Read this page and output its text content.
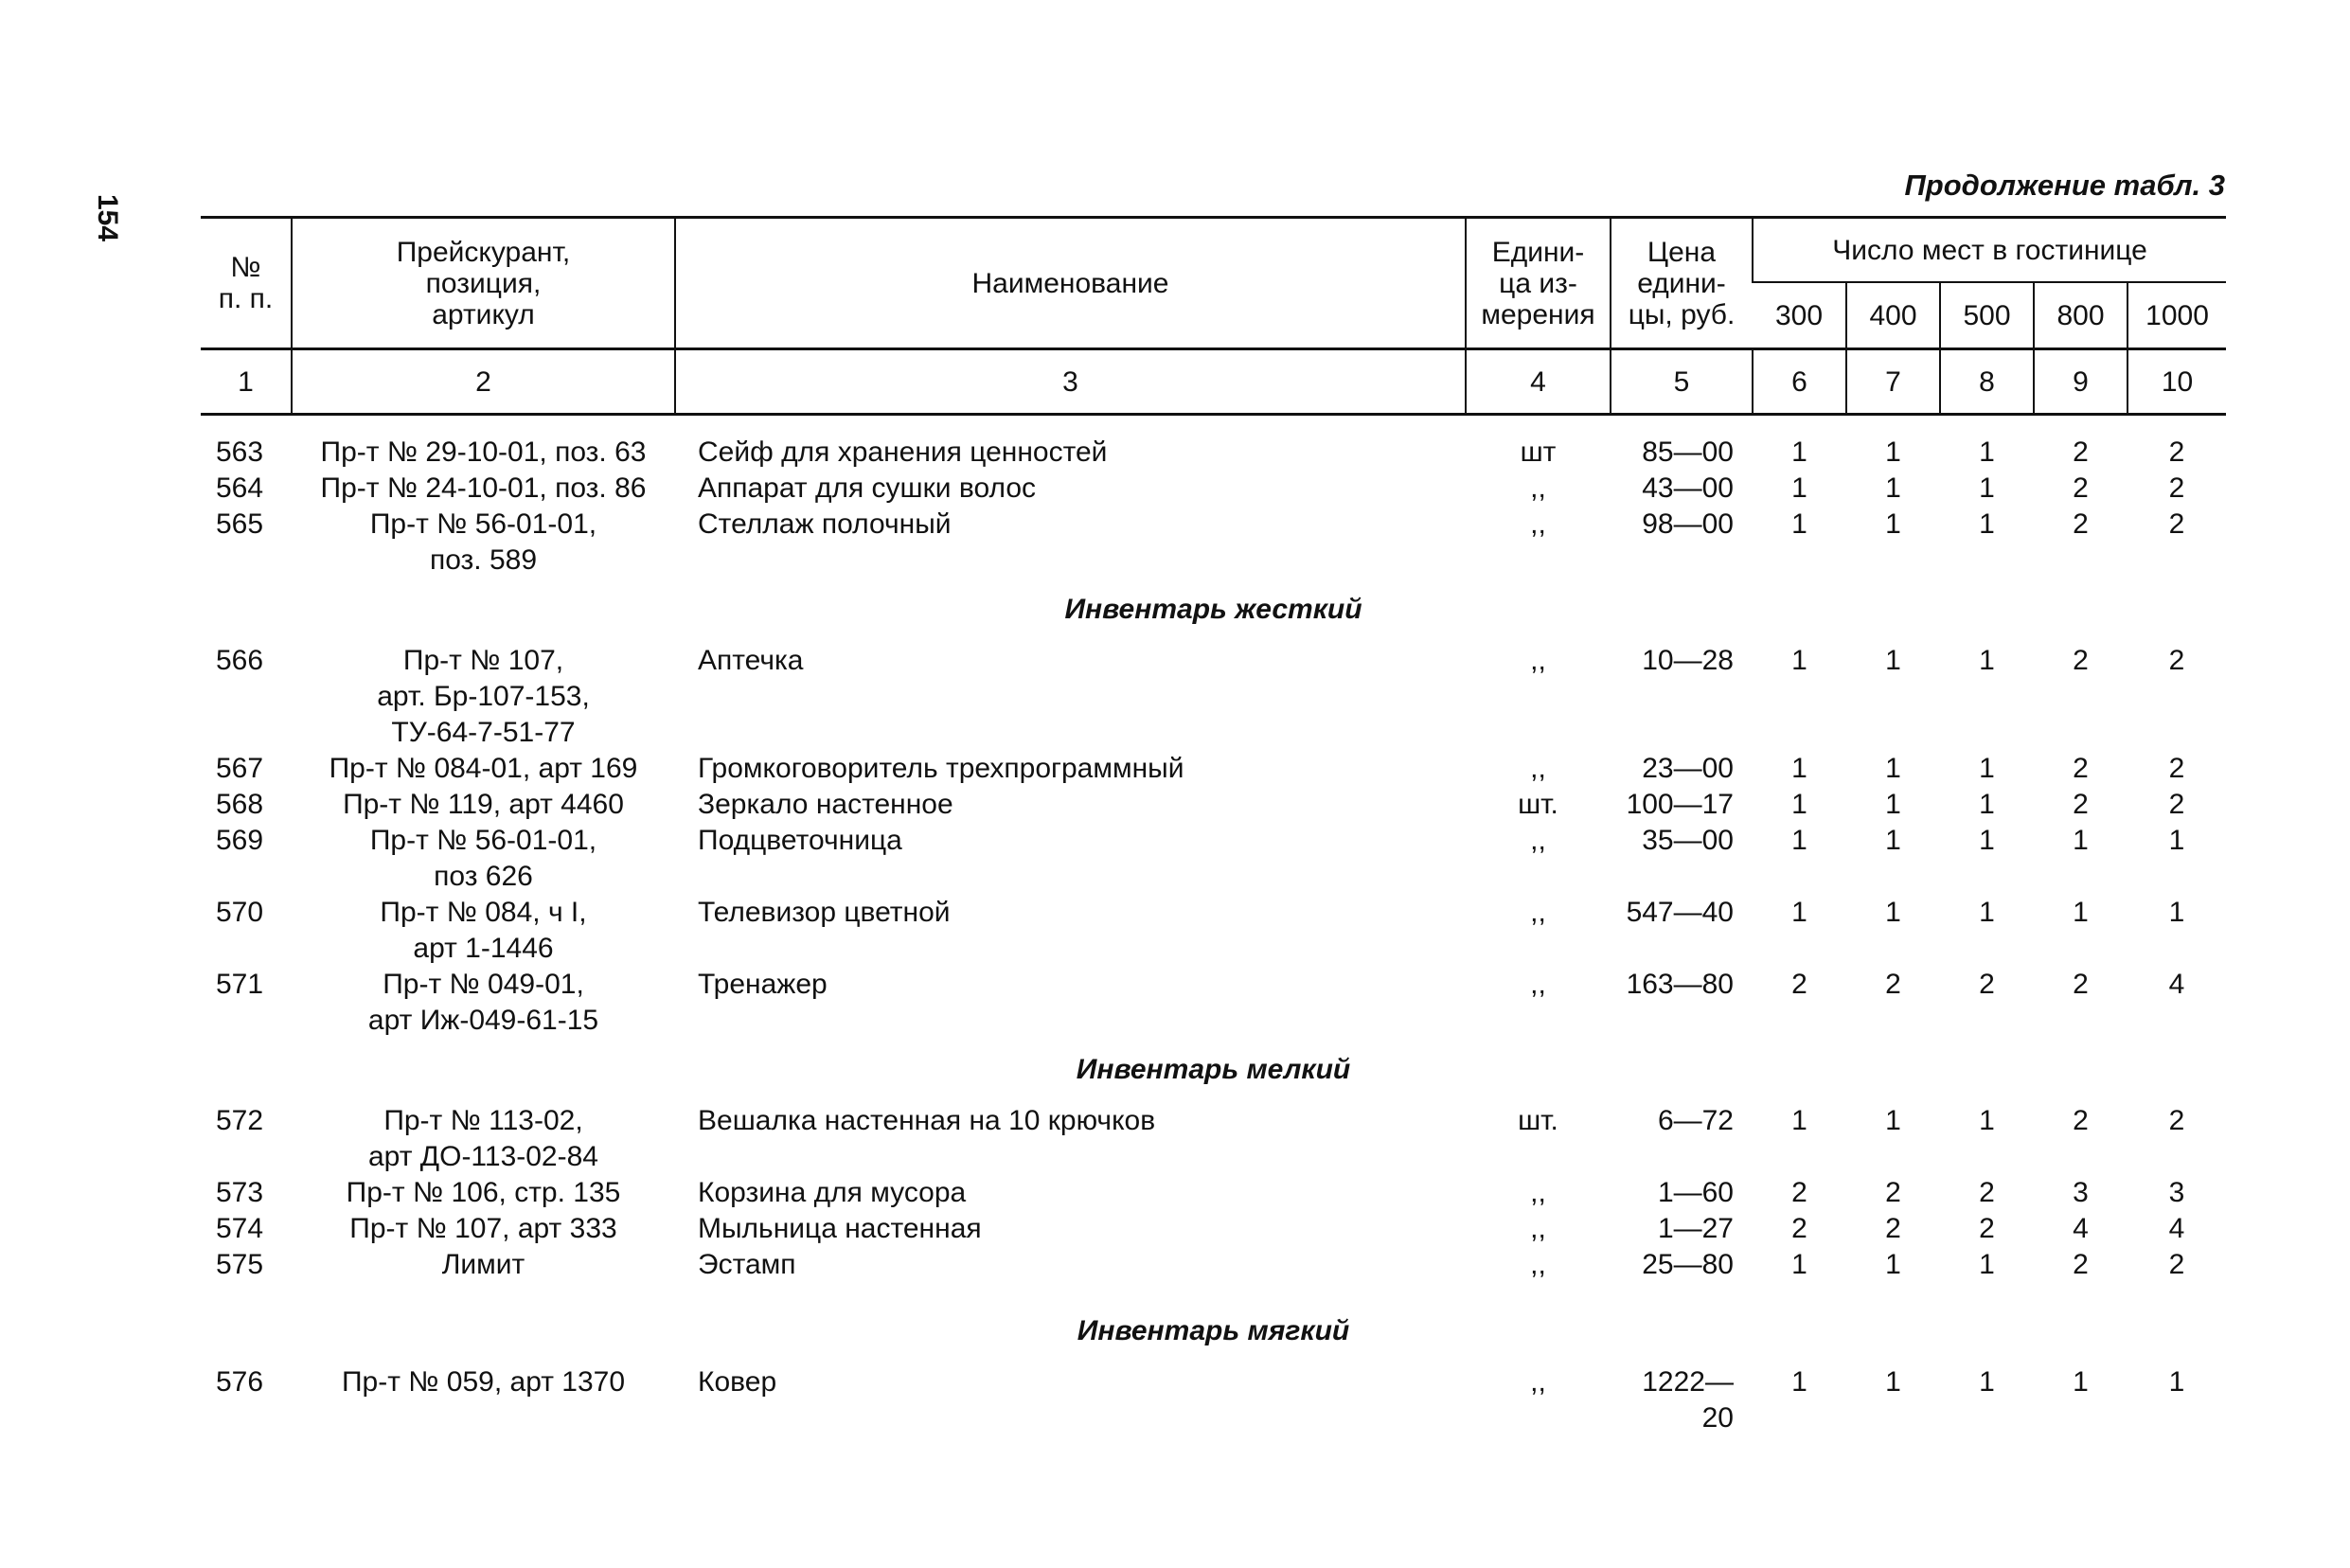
154
Продолжение табл. 3
№
п. п.	Прейскурант,
позиция,
артикул	Наименование	Едини-
ца из-
мерения	Цена
едини-
цы, руб.	Число мест в гостинице				
					300	400	500	800	1000
1	2	3	4	5	6	7	8	9	10
563	Пр-т № 29-10-01, поз. 63	Сейф для хранения ценностей	шт	85—00	1	1	1	2	2
564	Пр-т № 24-10-01, поз. 86	Аппарат для сушки волос	,,	43—00	1	1	1	2	2
565	Пр-т № 56-01-01,
поз. 589	Стеллаж полочный	,,	98—00	1	1	1	2	2
Инвентарь жесткий									
566	Пр-т № 107,
арт. Бр-107-153,
ТУ-64-7-51-77	Аптечка	,,	10—28	1	1	1	2	2
567	Пр-т № 084-01, арт 169	Громкоговоритель трехпрограммный	,,	23—00	1	1	1	2	2
568	Пр-т № 119, арт 4460	Зеркало настенное	шт.	100—17	1	1	1	2	2
569	Пр-т № 56-01-01,
поз 626	Подцветочница	,,	35—00	1	1	1	1	1
570	Пр-т № 084, ч I,
арт 1-1446	Телевизор цветной	,,	547—40	1	1	1	1	1
571	Пр-т № 049-01,
арт Иж-049-61-15	Тренажер	,,	163—80	2	2	2	2	4
Инвентарь мелкий									
572	Пр-т № 113-02,
арт ДО-113-02-84	Вешалка настенная на 10 крючков	шт.	6—72	1	1	1	2	2
573	Пр-т № 106, стр. 135	Корзина для мусора	,,	1—60	2	2	2	3	3
574	Пр-т № 107, арт 333	Мыльница настенная	,,	1—27	2	2	2	4	4
575	Лимит	Эстамп	,,	25—80	1	1	1	2	2

Инвентарь мягкий									
576	Пр-т № 059, арт 1370	Ковер	,,	1222—20	1	1	1	1	1
